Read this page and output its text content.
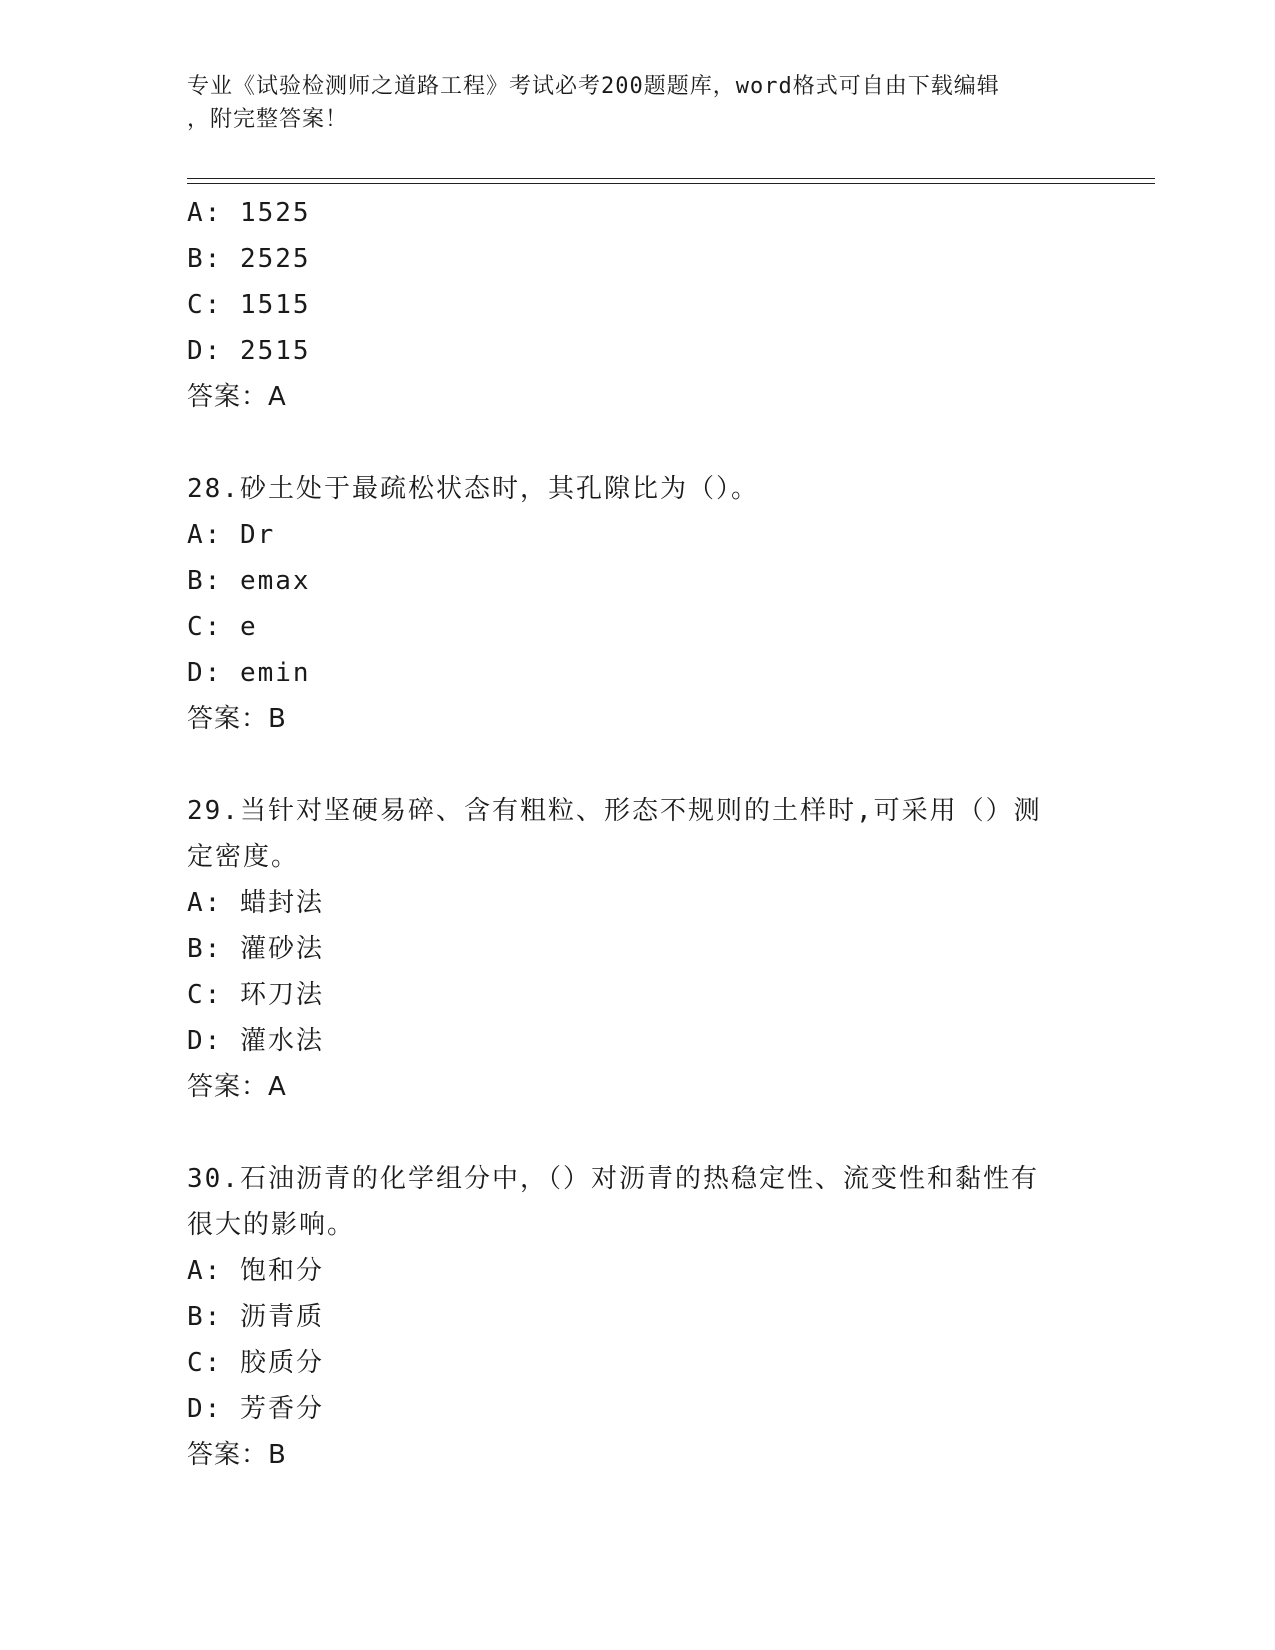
专业《试验检测师之道路工程》考试必考200题题库，word格式可自由下载编辑
，附完整答案！
A: 1525
B: 2525
C: 1515
D: 2515
答案：A
28.砂土处于最疏松状态时，其孔隙比为（）。
A: Dr
B: emax
C: e
D: emin
答案：B
29.当针对坚硬易碎、含有粗粒、形态不规则的土样时,可采用（）测
定密度。
A: 蜡封法
B: 灌砂法
C: 环刀法
D: 灌水法
答案：A
30.石油沥青的化学组分中，（）对沥青的热稳定性、流变性和黏性有
很大的影响。
A: 饱和分
B: 沥青质
C: 胶质分
D: 芳香分
答案：B
